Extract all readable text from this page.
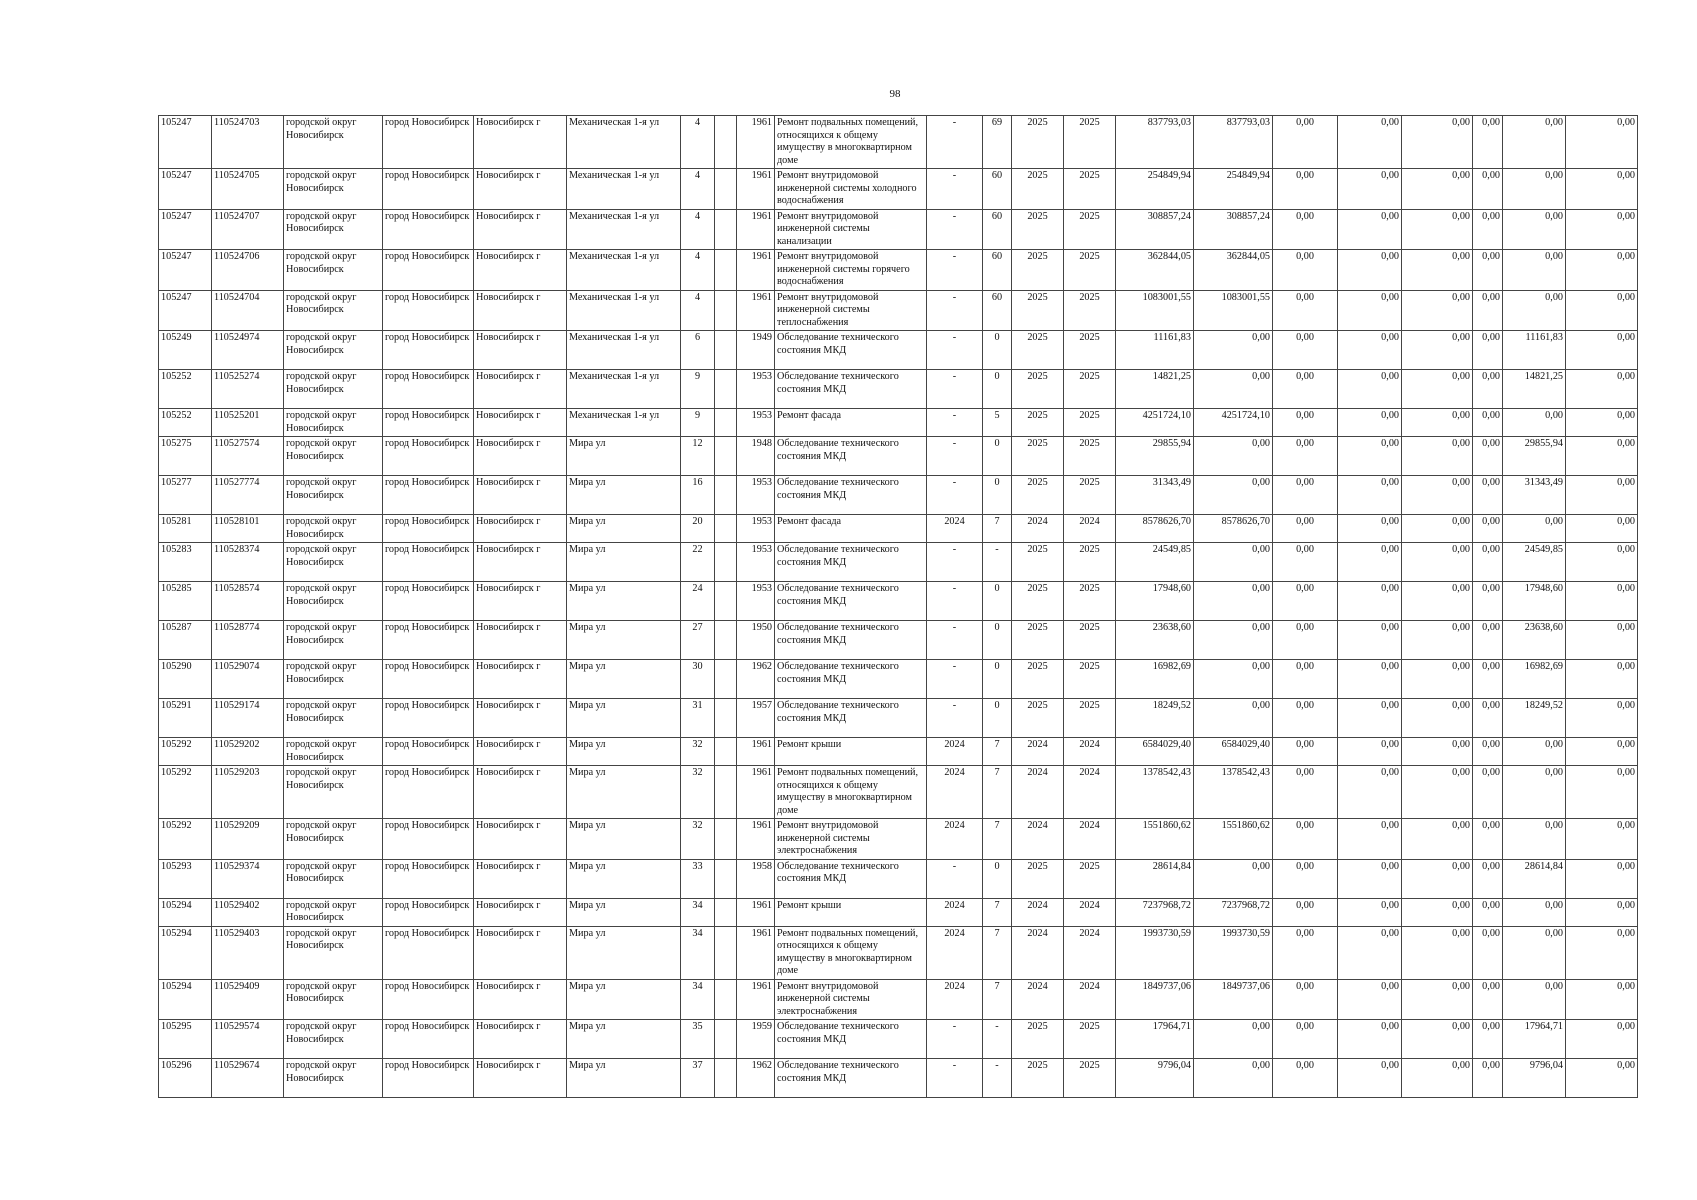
98
105247	110524703	городской округ Новосибирск	город Новосибирск	Новосибирск г	Механическая 1-я ул	4		1961	Ремонт подвальных помещений, относящихся к общему имуществу в многоквартирном доме	-	69	2025	2025	837793,03	837793,03	0,00	0,00	0,00	0,00	0,00	0,00
105247	110524705	городской округ Новосибирск	город Новосибирск	Новосибирск г	Механическая 1-я ул	4		1961	Ремонт внутридомовой инженерной системы холодного водоснабжения	-	60	2025	2025	254849,94	254849,94	0,00	0,00	0,00	0,00	0,00	0,00
105247	110524707	городской округ Новосибирск	город Новосибирск	Новосибирск г	Механическая 1-я ул	4		1961	Ремонт внутридомовой инженерной системы канализации	-	60	2025	2025	308857,24	308857,24	0,00	0,00	0,00	0,00	0,00	0,00
105247	110524706	городской округ Новосибирск	город Новосибирск	Новосибирск г	Механическая 1-я ул	4		1961	Ремонт внутридомовой инженерной системы горячего водоснабжения	-	60	2025	2025	362844,05	362844,05	0,00	0,00	0,00	0,00	0,00	0,00
105247	110524704	городской округ Новосибирск	город Новосибирск	Новосибирск г	Механическая 1-я ул	4		1961	Ремонт внутридомовой инженерной системы теплоснабжения	-	60	2025	2025	1083001,55	1083001,55	0,00	0,00	0,00	0,00	0,00	0,00
105249	110524974	городской округ Новосибирск	город Новосибирск	Новосибирск г	Механическая 1-я ул	6		1949	Обследование технического состояния МКД	-	0	2025	2025	11161,83	0,00	0,00	0,00	0,00	0,00	11161,83	0,00
105252	110525274	городской округ Новосибирск	город Новосибирск	Новосибирск г	Механическая 1-я ул	9		1953	Обследование технического состояния МКД	-	0	2025	2025	14821,25	0,00	0,00	0,00	0,00	0,00	14821,25	0,00
105252	110525201	городской округ Новосибирск	город Новосибирск	Новосибирск г	Механическая 1-я ул	9		1953	Ремонт фасада	-	5	2025	2025	4251724,10	4251724,10	0,00	0,00	0,00	0,00	0,00	0,00
105275	110527574	городской округ Новосибирск	город Новосибирск	Новосибирск г	Мира ул	12		1948	Обследование технического состояния МКД	-	0	2025	2025	29855,94	0,00	0,00	0,00	0,00	0,00	29855,94	0,00
105277	110527774	городской округ Новосибирск	город Новосибирск	Новосибирск г	Мира ул	16		1953	Обследование технического состояния МКД	-	0	2025	2025	31343,49	0,00	0,00	0,00	0,00	0,00	31343,49	0,00
105281	110528101	городской округ Новосибирск	город Новосибирск	Новосибирск г	Мира ул	20		1953	Ремонт фасада	2024	7	2024	2024	8578626,70	8578626,70	0,00	0,00	0,00	0,00	0,00	0,00
105283	110528374	городской округ Новосибирск	город Новосибирск	Новосибирск г	Мира ул	22		1953	Обследование технического состояния МКД	-	-	2025	2025	24549,85	0,00	0,00	0,00	0,00	0,00	24549,85	0,00
105285	110528574	городской округ Новосибирск	город Новосибирск	Новосибирск г	Мира ул	24		1953	Обследование технического состояния МКД	-	0	2025	2025	17948,60	0,00	0,00	0,00	0,00	0,00	17948,60	0,00
105287	110528774	городской округ Новосибирск	город Новосибирск	Новосибирск г	Мира ул	27		1950	Обследование технического состояния МКД	-	0	2025	2025	23638,60	0,00	0,00	0,00	0,00	0,00	23638,60	0,00
105290	110529074	городской округ Новосибирск	город Новосибирск	Новосибирск г	Мира ул	30		1962	Обследование технического состояния МКД	-	0	2025	2025	16982,69	0,00	0,00	0,00	0,00	0,00	16982,69	0,00
105291	110529174	городской округ Новосибирск	город Новосибирск	Новосибирск г	Мира ул	31		1957	Обследование технического состояния МКД	-	0	2025	2025	18249,52	0,00	0,00	0,00	0,00	0,00	18249,52	0,00
105292	110529202	городской округ Новосибирск	город Новосибирск	Новосибирск г	Мира ул	32		1961	Ремонт крыши	2024	7	2024	2024	6584029,40	6584029,40	0,00	0,00	0,00	0,00	0,00	0,00
105292	110529203	городской округ Новосибирск	город Новосибирск	Новосибирск г	Мира ул	32		1961	Ремонт подвальных помещений, относящихся к общему имуществу в многоквартирном доме	2024	7	2024	2024	1378542,43	1378542,43	0,00	0,00	0,00	0,00	0,00	0,00
105292	110529209	городской округ Новосибирск	город Новосибирск	Новосибирск г	Мира ул	32		1961	Ремонт внутридомовой инженерной системы электроснабжения	2024	7	2024	2024	1551860,62	1551860,62	0,00	0,00	0,00	0,00	0,00	0,00
105293	110529374	городской округ Новосибирск	город Новосибирск	Новосибирск г	Мира ул	33		1958	Обследование технического состояния МКД	-	0	2025	2025	28614,84	0,00	0,00	0,00	0,00	0,00	28614,84	0,00
105294	110529402	городской округ Новосибирск	город Новосибирск	Новосибирск г	Мира ул	34		1961	Ремонт крыши	2024	7	2024	2024	7237968,72	7237968,72	0,00	0,00	0,00	0,00	0,00	0,00
105294	110529403	городской округ Новосибирск	город Новосибирск	Новосибирск г	Мира ул	34		1961	Ремонт подвальных помещений, относящихся к общему имуществу в многоквартирном доме	2024	7	2024	2024	1993730,59	1993730,59	0,00	0,00	0,00	0,00	0,00	0,00
105294	110529409	городской округ Новосибирск	город Новосибирск	Новосибирск г	Мира ул	34		1961	Ремонт внутридомовой инженерной системы электроснабжения	2024	7	2024	2024	1849737,06	1849737,06	0,00	0,00	0,00	0,00	0,00	0,00
105295	110529574	городской округ Новосибирск	город Новосибирск	Новосибирск г	Мира ул	35		1959	Обследование технического состояния МКД	-	-	2025	2025	17964,71	0,00	0,00	0,00	0,00	0,00	17964,71	0,00
105296	110529674	городской округ Новосибирск	город Новосибирск	Новосибирск г	Мира ул	37		1962	Обследование технического состояния МКД	-	-	2025	2025	9796,04	0,00	0,00	0,00	0,00	0,00	9796,04	0,00
